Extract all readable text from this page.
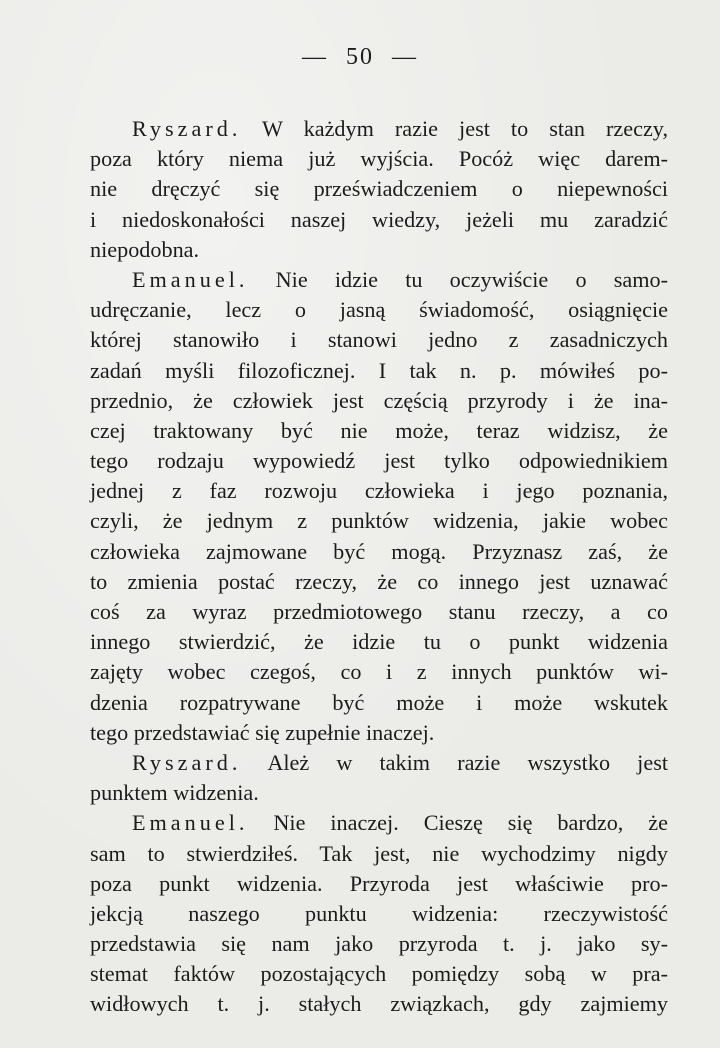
— 50 —
Ryszard. W każdym razie jest to stan rzeczy,
poza który niema już wyjścia. Pocóż więc darem-
nie dręczyć się przeświadczeniem o niepewności
i niedoskonałości naszej wiedzy, jeżeli mu zaradzić
niepodobna.
Emanuel. Nie idzie tu oczywiście o samo-
udręczanie, lecz o jasną świadomość, osiągnięcie
której stanowiło i stanowi jedno z zasadniczych
zadań myśli filozoficznej. I tak n. p. mówiłeś po-
przednio, że człowiek jest częścią przyrody i że ina-
czej traktowany być nie może, teraz widzisz, że
tego rodzaju wypowiedź jest tylko odpowiednikiem
jednej z faz rozwoju człowieka i jego poznania,
czyli, że jednym z punktów widzenia, jakie wobec
człowieka zajmowane być mogą. Przyznasz zaś, że
to zmienia postać rzeczy, że co innego jest uznawać
coś za wyraz przedmiotowego stanu rzeczy, a co
innego stwierdzić, że idzie tu o punkt widzenia
zajęty wobec czegoś, co i z innych punktów wi-
dzenia rozpatrywane być może i może wskutek
tego przedstawiać się zupełnie inaczej.
Ryszard. Ależ w takim razie wszystko jest
punktem widzenia.
Emanuel. Nie inaczej. Cieszę się bardzo, że
sam to stwierdziłeś. Tak jest, nie wychodzimy nigdy
poza punkt widzenia. Przyroda jest właściwie pro-
jekcją naszego punktu widzenia: rzeczywistość
przedstawia się nam jako przyroda t. j. jako sy-
stemat faktów pozostających pomiędzy sobą w pra-
widłowych t. j. stałych związkach, gdy zajmiemy
